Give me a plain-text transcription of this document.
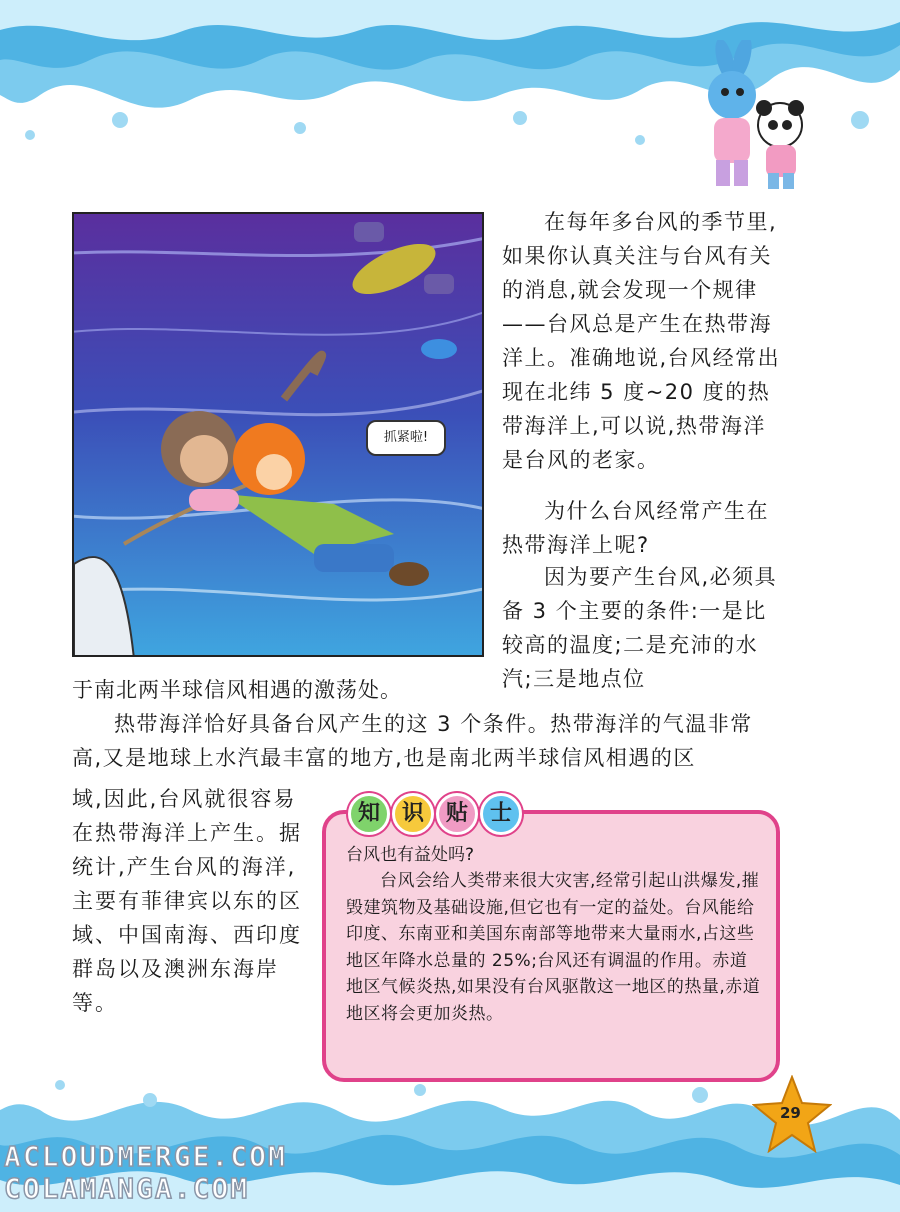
抓紧啦!

在每年多台风的季节里,如果你认真关注与台风有关的消息,就会发现一个规律——台风总是产生在热带海洋上。准确地说,台风经常出现在北纬 5 度~20 度的热带海洋上,可以说,热带海洋是台风的老家。

为什么台风经常产生在热带海洋上呢?

因为要产生台风,必须具备 3 个主要的条件:一是比较高的温度;二是充沛的水汽;三是地点位

于南北两半球信风相遇的激荡处。

热带海洋恰好具备台风产生的这 3 个条件。热带海洋的气温非常高,又是地球上水汽最丰富的地方,也是南北两半球信风相遇的区

域,因此,台风就很容易在热带海洋上产生。据统计,产生台风的海洋,主要有菲律宾以东的区域、中国南海、西印度群岛以及澳洲东海岸等。

知 识 贴 士

台风也有益处吗?

台风会给人类带来很大灾害,经常引起山洪爆发,摧毁建筑物及基础设施,但它也有一定的益处。台风能给印度、东南亚和美国东南部等地带来大量雨水,占这些地区年降水总量的 25%;台风还有调温的作用。赤道地区气候炎热,如果没有台风驱散这一地区的热量,赤道地区将会更加炎热。

29
ACLOUDMERGE.COM
COLAMANGA.COM
